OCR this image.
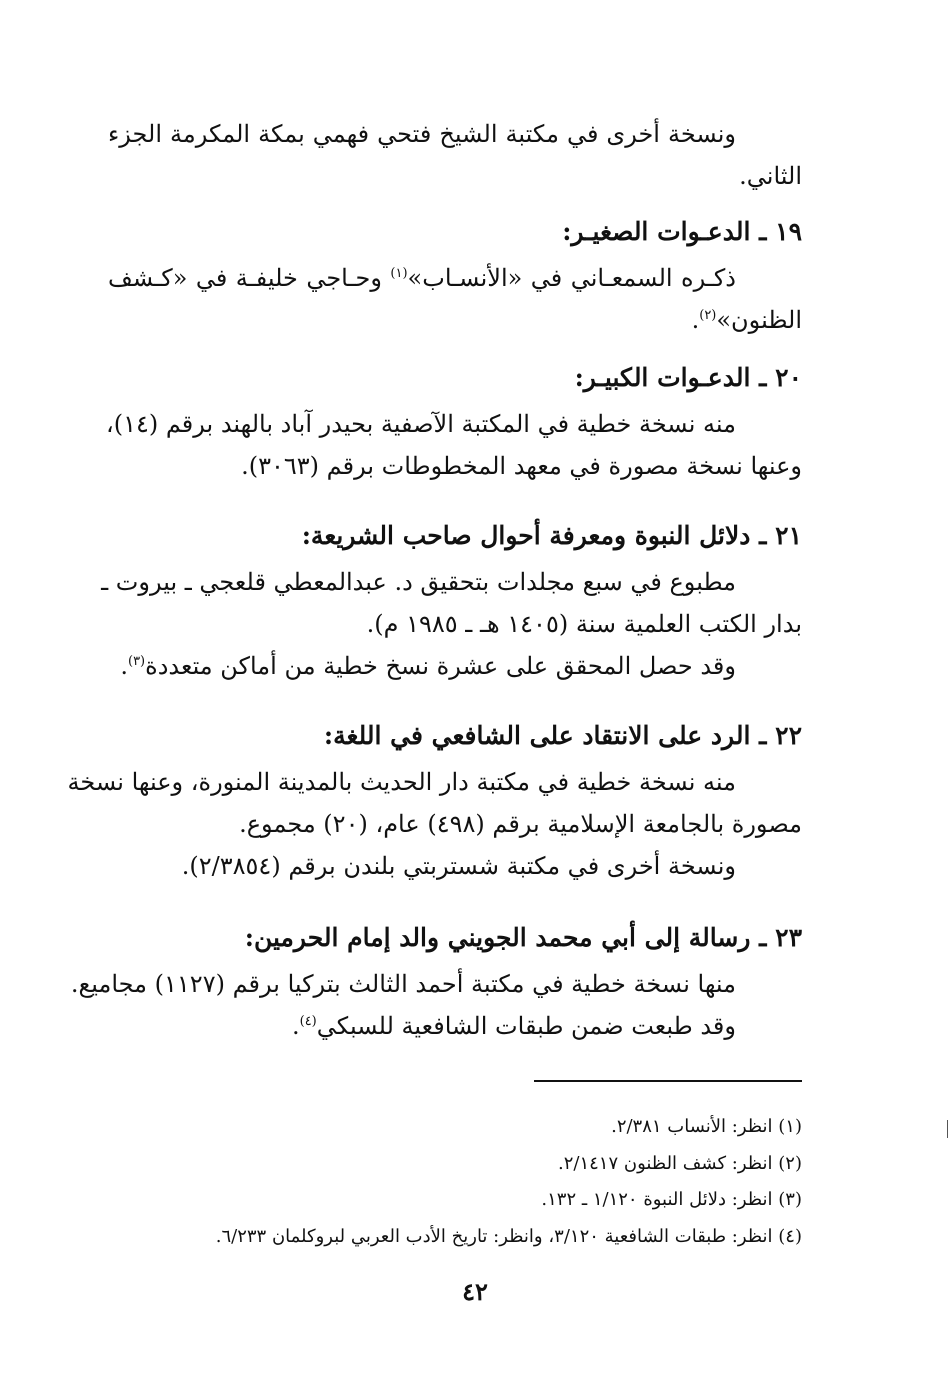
ونسخة أخرى في مكتبة الشيخ فتحي فهمي بمكة المكرمة الجزء
الثاني.
١٩ ـ الدعـوات الصغيـر:
ذكـره السمعـاني في «الأنسـاب»$^{(١)}$ وحـاجي خليفـة في «كـشف
الظنون»$^{(٢)}$.
٢٠ ـ الدعـوات الكبيـر:
منه نسخة خطية في المكتبة الآصفية بحيدر آباد بالهند برقم (١٤)،
وعنها نسخة مصورة في معهد المخطوطات برقم (٣٠٦٣).
٢١ ـ دلائل النبوة ومعرفة أحوال صاحب الشريعة:
مطبوع في سبع مجلدات بتحقيق د. عبدالمعطي قلعجي ـ بيروت ـ
بدار الكتب العلمية سنة (١٤٠٥ هـ ـ ١٩٨٥ م).
وقد حصل المحقق على عشرة نسخ خطية من أماكن متعددة$^{(٣)}$.
٢٢ ـ الرد على الانتقاد على الشافعي في اللغة:
منه نسخة خطية في مكتبة دار الحديث بالمدينة المنورة، وعنها نسخة
مصورة بالجامعة الإسلامية برقم (٤٩٨) عام، (٢٠) مجموع.
ونسخة أخرى في مكتبة شستربتي بلندن برقم (٢/٣٨٥٤).
٢٣ ـ رسالة إلى أبي محمد الجويني والد إمام الحرمين:
منها نسخة خطية في مكتبة أحمد الثالث بتركيا برقم (١١٢٧) مجاميع.
وقد طبعت ضمن طبقات الشافعية للسبكي$^{(٤)}$.
(١) انظر: الأنساب ٢/٣٨١.
(٢) انظر: كشف الظنون ٢/١٤١٧.
(٣) انظر: دلائل النبوة ١/١٢٠ ـ ١٣٢.
(٤) انظر: طبقات الشافعية ٣/١٢٠، وانظر: تاريخ الأدب العربي لبروكلمان ٦/٢٣٣.
٤٢
